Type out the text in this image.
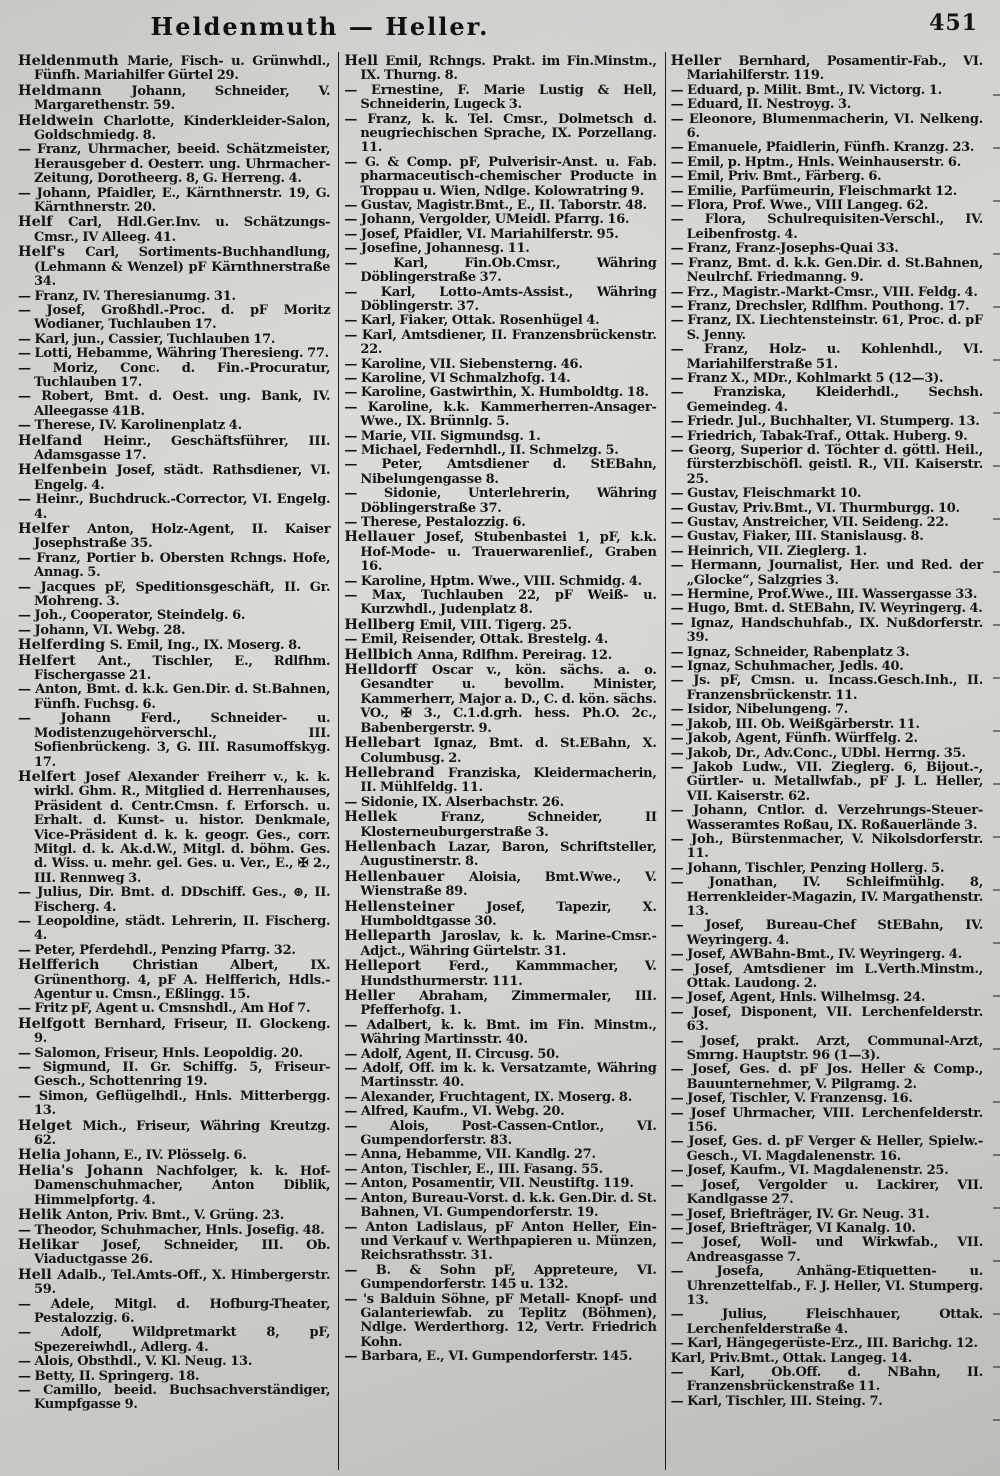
Heldenmuth — Heller.	451
Heldenmuth Marie, Fisch- u. Grünwhdl., Fünfh. Mariahilfer Gürtel 29.
Heldmann Johann, Schneider, V. Margarethenstr. 59.
Heldwein Charlotte, Kinderkleider-Salon, Goldschmiedg. 8.
— Franz, Uhrmacher, beeid. Schätzmeister, Herausgeber d. Oesterr. ung. Uhrmacher-Zeitung, Dorotheerg. 8, G. Herreng. 4.
— Johann, Pfaidler, E., Kärnthnerstr. 19, G. Kärnthnerstr. 20.
Helf Carl, Hdl.Ger.Inv. u. Schätzungs-Cmsr., IV Alleeg. 41.
Helf's Carl, Sortiments-Buchhandlung, (Lehmann & Wenzel) pF Kärnthnerstraße 34.
— Franz, IV. Theresianumg. 31.
— Josef, Großhdl.-Proc. d. pF Moritz Wodianer, Tuchlauben 17.
— Karl, jun., Cassier, Tuchlauben 17.
— Lotti, Hebamme, Währing Theresieng. 77.
— Moriz, Conc. d. Fin.-Procuratur, Tuchlauben 17.
— Robert, Bmt. d. Oest. ung. Bank, IV. Alleegasse 41B.
— Therese, IV. Karolinenplatz 4.
Helfand Heinr., Geschäftsführer, III. Adamsgasse 17.
Helfenbein Josef, städt. Rathsdiener, VI. Engelg. 4.
— Heinr., Buchdruck.-Corrector, VI. Engelg. 4.
Helfer Anton, Holz-Agent, II. Kaiser Josephstraße 35.
— Franz, Portier b. Obersten Rchngs. Hofe, Annag. 5.
— Jacques pF, Speditionsgeschäft, II. Gr. Mohreng. 3.
— Joh., Cooperator, Steindelg. 6.
— Johann, VI. Webg. 28.
Helferding S. Emil, Ing., IX. Moserg. 8.
Helfert Ant., Tischler, E., Rdlfhm. Fischergasse 21.
— Anton, Bmt. d. k.k. Gen.Dir. d. St.Bahnen, Fünfh. Fuchsg. 6.
— Johann Ferd., Schneider- u. Modistenzugehörverschl., III. Sofienbrückeng. 3, G. III. Rasumoffskyg. 17.
Helfert Josef Alexander Freiherr v., k. k. wirkl. Ghm. R., Mitglied d. Herrenhauses, Präsident d. Centr.Cmsn. f. Erforsch. u. Erhalt. d. Kunst- u. histor. Denkmale, Vice-Präsident d. k. k. geogr. Ges., corr. Mitgl. d. k. Ak.d.W., Mitgl. d. böhm. Ges. d. Wiss. u. mehr. gel. Ges. u. Ver., E., ✠ 2., III. Rennweg 3.
— Julius, Dir. Bmt. d. DDschiff. Ges., ⊛, II. Fischerg. 4.
— Leopoldine, städt. Lehrerin, II. Fischerg. 4.
— Peter, Pferdehdl., Penzing Pfarrg. 32.
Helfferich Christian Albert, IX. Grünenthorg. 4, pF A. Helfferich, Hdls.-Agentur u. Cmsn., Eßlingg. 15.
— Fritz pF, Agent u. Cmsnshdl., Am Hof 7.
Helfgott Bernhard, Friseur, II. Glockeng. 9.
— Salomon, Friseur, Hnls. Leopoldig. 20.
— Sigmund, II. Gr. Schiffg. 5, Friseur-Gesch., Schottenring 19.
— Simon, Geflügelhdl., Hnls. Mitterbergg. 13.
Helget Mich., Friseur, Währing Kreutzg. 62.
Helia Johann, E., IV. Plösselg. 6.
Helia's Johann Nachfolger, k. k. Hof-Damenschuhmacher, Anton Diblik, Himmelpfortg. 4.
Helik Anton, Priv. Bmt., V. Grüng. 23.
— Theodor, Schuhmacher, Hnls. Josefig. 48.
Helikar Josef, Schneider, III. Ob. Viaductgasse 26.
Hell Adalb., Tel.Amts-Off., X. Himbergerstr. 59.
— Adele, Mitgl. d. Hofburg-Theater, Pestalozzig. 6.
— Adolf, Wildpretmarkt 8, pF, Spezereiwhdl., Adlerg. 4.
— Alois, Obsthdl., V. Kl. Neug. 13.
— Betty, II. Springerg. 18.
— Camillo, beeid. Buchsachverständiger, Kumpfgasse 9.
Hell Emil, Rchngs. Prakt. im Fin.Minstm., IX. Thurng. 8.
— Ernestine, F. Marie Lustig & Hell, Schneiderin, Lugeck 3.
— Franz, k. k. Tel. Cmsr., Dolmetsch d. neugriechischen Sprache, IX. Porzellang. 11.
— G. & Comp. pF, Pulverisir-Anst. u. Fab. pharmaceutisch-chemischer Producte in Troppau u. Wien, Ndlge. Kolowratring 9.
— Gustav, Magistr.Bmt., E., II. Taborstr. 48.
— Johann, Vergolder, UMeidl. Pfarrg. 16.
— Josef, Pfaidler, VI. Mariahilferstr. 95.
— Josefine, Johannesg. 11.
— Karl, Fin.Ob.Cmsr., Währing Döblingerstraße 37.
— Karl, Lotto-Amts-Assist., Währing Döblingerstr. 37.
— Karl, Fiaker, Ottak. Rosenhügel 4.
— Karl, Amtsdiener, II. Franzensbrückenstr. 22.
— Karoline, VII. Siebensterng. 46.
— Karoline, VI Schmalzhofg. 14.
— Karoline, Gastwirthin, X. Humboldtg. 18.
— Karoline, k.k. Kammerherren-Ansager-Wwe., IX. Brünnlg. 5.
— Marie, VII. Sigmundsg. 1.
— Michael, Federnhdl., II. Schmelzg. 5.
— Peter, Amtsdiener d. StEBahn, Nibelungengasse 8.
— Sidonie, Unterlehrerin, Währing Döblingerstraße 37.
— Therese, Pestalozzig. 6.
Hellauer Josef, Stubenbastei 1, pF, k.k. Hof-Mode- u. Trauerwarenlief., Graben 16.
— Karoline, Hptm. Wwe., VIII. Schmidg. 4.
— Max, Tuchlauben 22, pF Weiß- u. Kurzwhdl., Judenplatz 8.
Hellberg Emil, VIII. Tigerg. 25.
— Emil, Reisender, Ottak. Brestelg. 4.
Hellbich Anna, Rdlfhm. Pereirag. 12.
Helldorff Oscar v., kön. sächs. a. o. Gesandter u. bevollm. Minister, Kammerherr, Major a. D., C. d. kön. sächs. VO., ✠ 3., C.1.d.grh. hess. Ph.O. 2c., Babenbergerstr. 9.
Hellebart Ignaz, Bmt. d. St.EBahn, X. Columbusg. 2.
Hellebrand Franziska, Kleidermacherin, II. Mühlfeldg. 11.
— Sidonie, IX. Alserbachstr. 26.
Hellek Franz, Schneider, II Klosterneuburgerstraße 3.
Hellenbach Lazar, Baron, Schriftsteller, Augustinerstr. 8.
Hellenbauer Aloisia, Bmt.Wwe., V. Wienstraße 89.
Hellensteiner Josef, Tapezir, X. Humboldtgasse 30.
Helleparth Jaroslav, k. k. Marine-Cmsr.-Adjct., Währing Gürtelstr. 31.
Helleport Ferd., Kammmacher, V. Hundsthurmerstr. 111.
Heller Abraham, Zimmermaler, III. Pfefferhofg. 1.
— Adalbert, k. k. Bmt. im Fin. Minstm., Währing Martinsstr. 40.
— Adolf, Agent, II. Circusg. 50.
— Adolf, Off. im k. k. Versatzamte, Währing Martinsstr. 40.
— Alexander, Fruchtagent, IX. Moserg. 8.
— Alfred, Kaufm., VI. Webg. 20.
— Alois, Post-Cassen-Cntlor., VI. Gumpendorferstr. 83.
— Anna, Hebamme, VII. Kandlg. 27.
— Anton, Tischler, E., III. Fasang. 55.
— Anton, Posamentir, VII. Neustiftg. 119.
— Anton, Bureau-Vorst. d. k.k. Gen.Dir. d. St. Bahnen, VI. Gumpendorferstr. 19.
— Anton Ladislaus, pF Anton Heller, Ein- und Verkauf v. Werthpapieren u. Münzen, Reichsrathsstr. 31.
— B. & Sohn pF, Appreteure, VI. Gumpendorferstr. 145 u. 132.
— 's Balduin Söhne, pF Metall- Knopf- und Galanteriewfab. zu Teplitz (Böhmen), Ndlge. Werderthorg. 12, Vertr. Friedrich Kohn.
— Barbara, E., VI. Gumpendorferstr. 145.
Heller Bernhard, Posamentir-Fab., VI. Mariahilferstr. 119.
— Eduard, p. Milit. Bmt., IV. Victorg. 1.
— Eduard, II. Nestroyg. 3.
— Eleonore, Blumenmacherin, VI. Nelkeng. 6.
— Emanuele, Pfaidlerin, Fünfh. Kranzg. 23.
— Emil, p. Hptm., Hnls. Weinhauserstr. 6.
— Emil, Priv. Bmt., Färberg. 6.
— Emilie, Parfümeurin, Fleischmarkt 12.
— Flora, Prof. Wwe., VIII Langeg. 62.
— Flora, Schulrequisiten-Verschl., IV. Leibenfrostg. 4.
— Franz, Franz-Josephs-Quai 33.
— Franz, Bmt. d. k.k. Gen.Dir. d. St.Bahnen, Neulrchf. Friedmanng. 9.
— Frz., Magistr.-Markt-Cmsr., VIII. Feldg. 4.
— Franz, Drechsler, Rdlfhm. Pouthong. 17.
— Franz, IX. Liechtensteinstr. 61, Proc. d. pF S. Jenny.
— Franz, Holz- u. Kohlenhdl., VI. Mariahilferstraße 51.
— Franz X., MDr., Kohlmarkt 5 (12—3).
— Franziska, Kleiderhdl., Sechsh. Gemeindeg. 4.
— Friedr. Jul., Buchhalter, VI. Stumperg. 13.
— Friedrich, Tabak-Traf., Ottak. Huberg. 9.
— Georg, Superior d. Töchter d. göttl. Heil., fürsterzbischöfl. geistl. R., VII. Kaiserstr. 25.
— Gustav, Fleischmarkt 10.
— Gustav, Priv.Bmt., VI. Thurmburgg. 10.
— Gustav, Anstreicher, VII. Seideng. 22.
— Gustav, Fiaker, III. Stanislausg. 8.
— Heinrich, VII. Zieglerg. 1.
— Hermann, Journalist, Her. und Red. der „Glocke“, Salzgries 3.
— Hermine, Prof.Wwe., III. Wassergasse 33.
— Hugo, Bmt. d. StEBahn, IV. Weyringerg. 4.
— Ignaz, Handschuhfab., IX. Nußdorferstr. 39.
— Ignaz, Schneider, Rabenplatz 3.
— Ignaz, Schuhmacher, Jedls. 40.
— Js. pF, Cmsn. u. Incass.Gesch.Inh., II. Franzensbrückenstr. 11.
— Isidor, Nibelungeng. 7.
— Jakob, III. Ob. Weißgärberstr. 11.
— Jakob, Agent, Fünfh. Würffelg. 2.
— Jakob, Dr., Adv.Conc., UDbl. Herrng. 35.
— Jakob Ludw., VII. Zieglerg. 6, Bijout.-, Gürtler- u. Metallwfab., pF J. L. Heller, VII. Kaiserstr. 62.
— Johann, Cntlor. d. Verzehrungs-Steuer-Wasseramtes Roßau, IX. Roßauerlände 3.
— Joh., Bürstenmacher, V. Nikolsdorferstr. 11.
— Johann, Tischler, Penzing Hollerg. 5.
— Jonathan, IV. Schleifmühlg. 8, Herrenkleider-Magazin, IV. Margathenstr. 13.
— Josef, Bureau-Chef StEBahn, IV. Weyringerg. 4.
— Josef, AWBahn-Bmt., IV. Weyringerg. 4.
— Josef, Amtsdiener im L.Verth.Minstm., Ottak. Laudong. 2.
— Josef, Agent, Hnls. Wilhelmsg. 24.
— Josef, Disponent, VII. Lerchenfelderstr. 63.
— Josef, prakt. Arzt, Communal-Arzt, Smrng. Hauptstr. 96 (1—3).
— Josef, Ges. d. pF Jos. Heller & Comp., Bauunternehmer, V. Pilgramg. 2.
— Josef, Tischler, V. Franzensg. 16.
— Josef Uhrmacher, VIII. Lerchenfelderstr. 156.
— Josef, Ges. d. pF Verger & Heller, Spielw.-Gesch., VI. Magdalenenstr. 16.
— Josef, Kaufm., VI. Magdalenenstr. 25.
— Josef, Vergolder u. Lackirer, VII. Kandlgasse 27.
— Josef, Briefträger, IV. Gr. Neug. 31.
— Josef, Briefträger, VI Kanalg. 10.
— Josef, Woll- und Wirkwfab., VII. Andreasgasse 7.
— Josefa, Anhäng-Etiquetten- u. Uhrenzettelfab., F. J. Heller, VI. Stumperg. 13.
— Julius, Fleischhauer, Ottak. Lerchenfelderstraße 4.
— Karl, Hängegerüste-Erz., III. Barichg. 12.
Karl, Priv.Bmt., Ottak. Langeg. 14.
— Karl, Ob.Off. d. NBahn, II. Franzensbrückenstraße 11.
— Karl, Tischler, III. Steing. 7.
